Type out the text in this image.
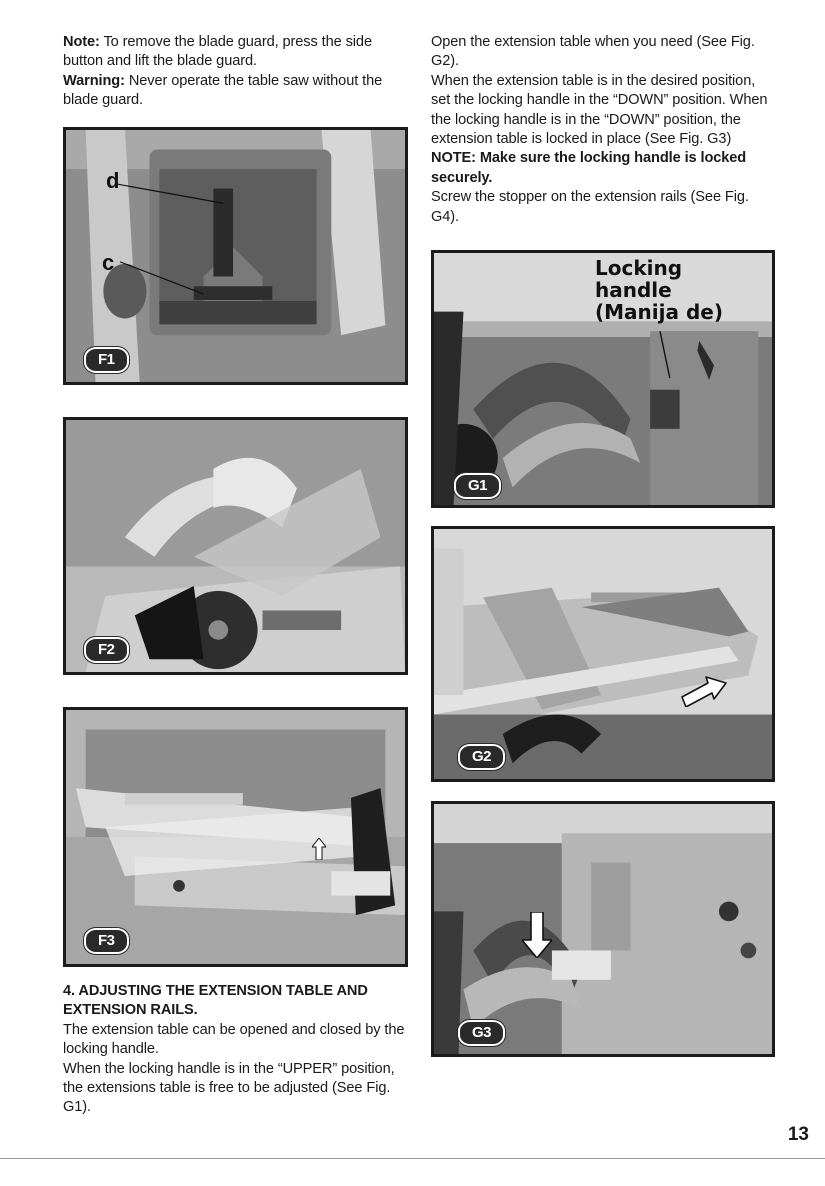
Note: To remove the blade guard, press the side button and lift the blade guard.

Warning: Never operate the table saw without the blade guard.

Open the extension table when you need (See Fig. G2).

When the extension table is in the desired position, set the locking handle in the “DOWN” position. When the locking handle is in the “DOWN” position, the extension table is locked in place (See Fig. G3)

NOTE: Make sure the locking handle is locked securely.

Screw the stopper on the extension rails (See Fig. G4).

d
c
F1
F2
F3
Locking
handle
(Manija de)
G1
G2
G3

4. ADJUSTING THE EXTENSION TABLE AND EXTENSION RAILS.

The extension table can be opened and closed by the locking handle.

When the locking handle is in the “UPPER” position, the extensions table is free to be adjusted (See Fig. G1).

13
